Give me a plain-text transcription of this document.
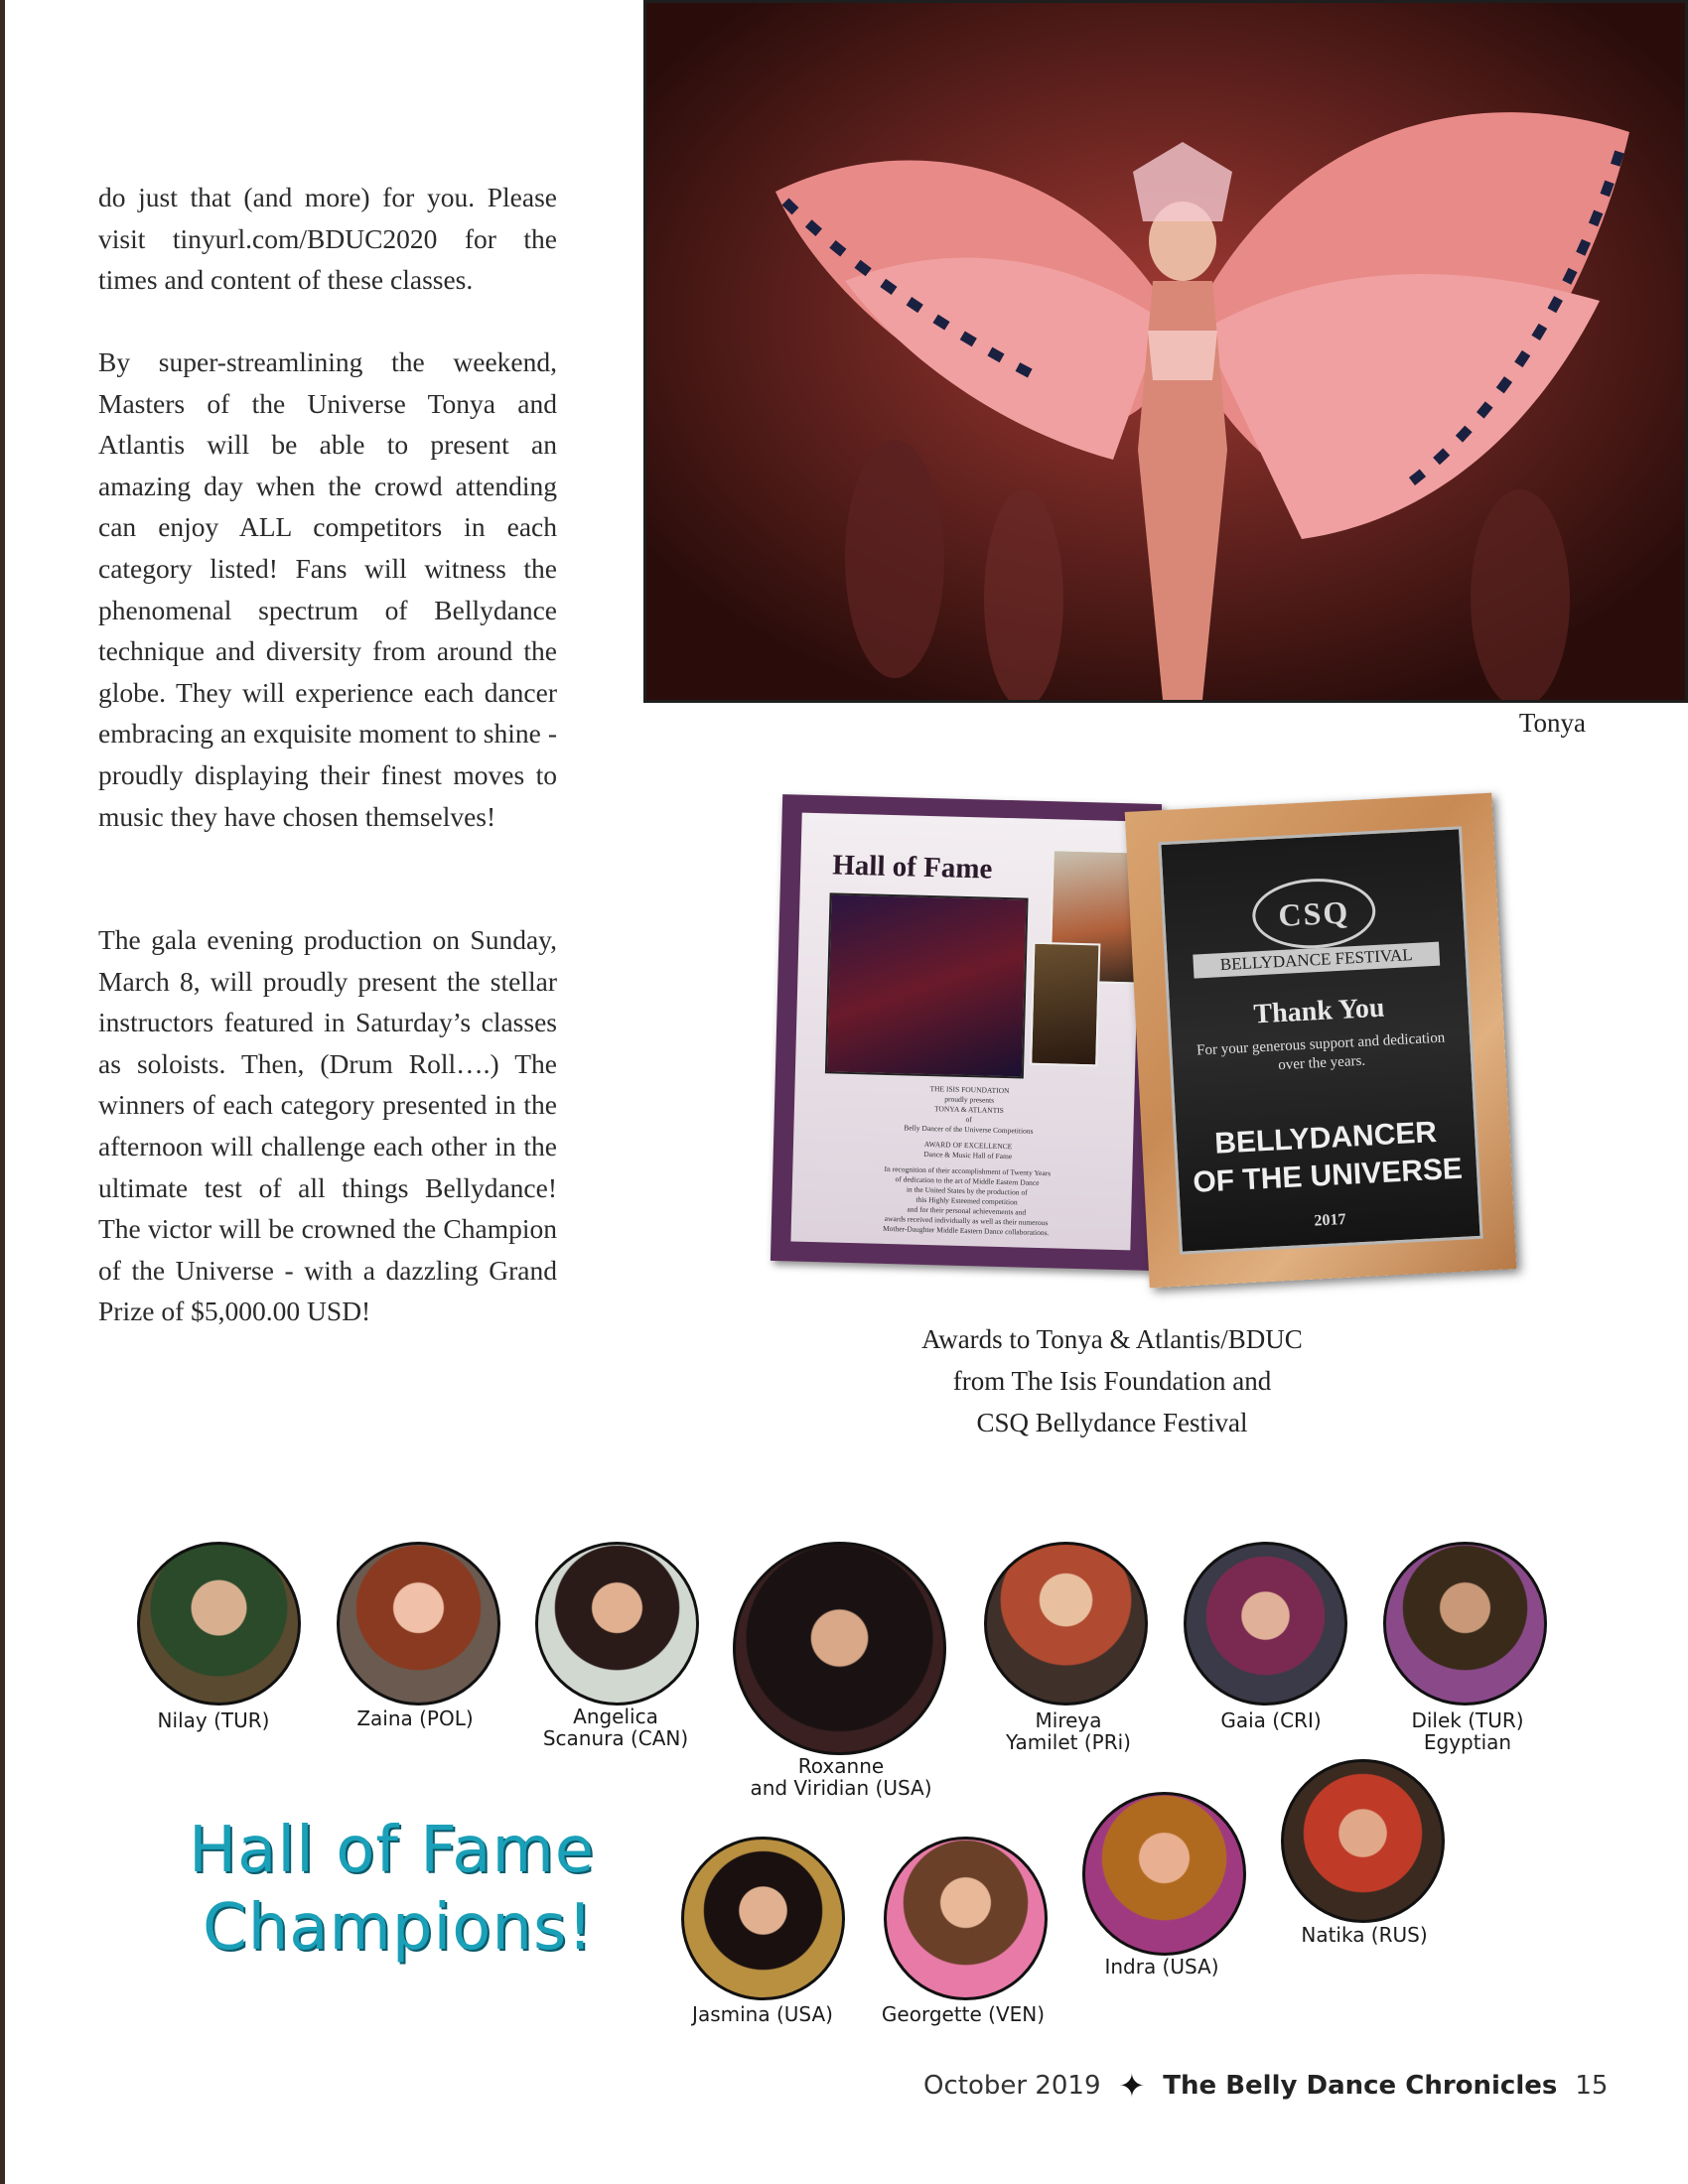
do just that (and more) for you. Please visit tinyurl.com/BDUC2020 for the times and content of these classes.

By super-streamlining the weekend, Masters of the Universe Tonya and Atlantis will be able to present an amazing day when the crowd attending can enjoy ALL competitors in each category listed! Fans will witness the phenomenal spectrum of Bellydance technique and diversity from around the globe. They will experience each dancer embracing an exquisite moment to shine - proudly displaying their finest moves to music they have chosen themselves!

The gala evening production on Sunday, March 8, will proudly present the stellar instructors featured in Saturday’s classes as soloists. Then, (Drum Roll….) The winners of each category presented in the afternoon will challenge each other in the ultimate test of all things Bellydance! The victor will be crowned the Champion of the Universe - with a dazzling Grand Prize of $5,000.00 USD!

Tonya
Hall of Fame
THE ISIS FOUNDATION
proudly presents
TONYA & ATLANTIS
of
Belly Dancer of the Universe Competitions
AWARD OF EXCELLENCE
Dance & Music Hall of Fame
In recognition of their accomplishment of Twenty Years
of dedication to the art of Middle Eastern Dance
in the United States by the production of
this Highly Esteemed competition
and for their personal achievements and
awards received individually as well as their numerous
Mother-Daughter Middle Eastern Dance collaborations.
CSQ
BELLYDANCE FESTIVAL
Thank You
For your generous support and dedication over the years.
BELLYDANCER
OF THE UNIVERSE
2017
Awards to Tonya & Atlantis/BDUC
from The Isis Foundation and
CSQ Bellydance Festival
Nilay (TUR)	Zaina (POL)	Angelica
Scanura (CAN)
Roxanne
and Viridian (USA)
Mireya
Yamilet (PRi)
Gaia (CRI)	Dilek (TUR)
Egyptian
Jasmina (USA) Georgette (VEN)
Indra (USA)
Natika (RUS)
Hall of Fame
Champions!
October 2019 ✦ The Belly Dance Chronicles 15
